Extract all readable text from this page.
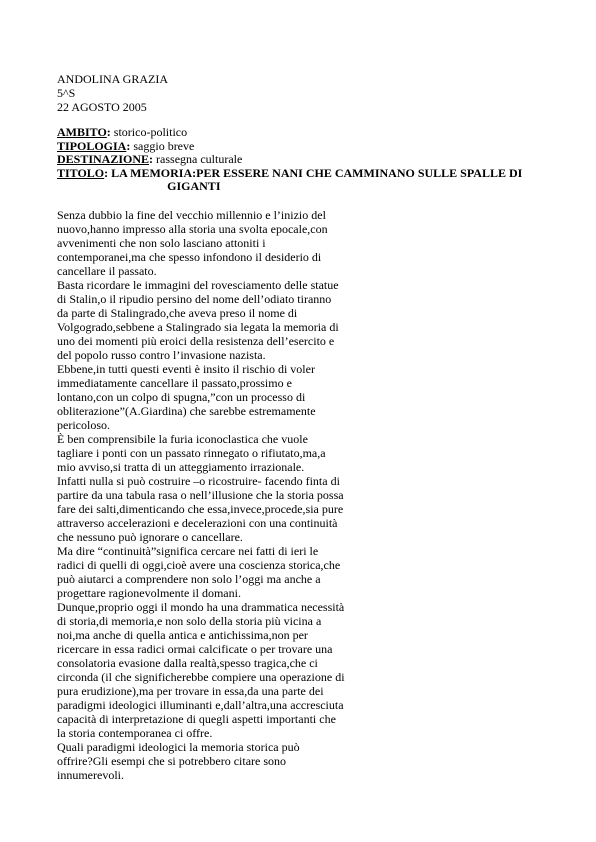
ANDOLINA GRAZIA
5^S
22 AGOSTO 2005
AMBITO: storico-politico
TIPOLOGIA: saggio breve
DESTINAZIONE: rassegna culturale
TITOLO :
LA MEMORIA:PER ESSERE NANI CHE CAMMINANO SULLE SPALLE DI
GIGANTI
Senza dubbio la fine del vecchio millennio e l’inizio del
nuovo,hanno impresso alla storia una svolta epocale,con
avvenimenti che non solo lasciano attoniti i
contemporanei,ma che spesso infondono il desiderio di
cancellare il passato.
Basta ricordare le immagini del rovesciamento delle statue
di Stalin,o il ripudio persino del nome dell’odiato tiranno
da parte di Stalingrado,che aveva preso il nome di
Volgogrado,sebbene a Stalingrado sia legata la memoria di
uno dei momenti più eroici della resistenza dell’esercito e
del popolo russo contro l’invasione nazista.
Ebbene,in tutti questi eventi è insito il rischio di voler
immediatamente cancellare il passato,prossimo e
lontano,con un colpo di spugna,”con un processo di
obliterazione”(A.Giardina) che sarebbe estremamente
pericoloso.
È ben comprensibile la furia iconoclastica che vuole
tagliare i ponti con un passato rinnegato o rifiutato,ma,a
mio avviso,si tratta di un atteggiamento irrazionale.
Infatti nulla si può costruire –o ricostruire- facendo finta di
partire da una tabula rasa o nell’illusione che la storia possa
fare dei salti,dimenticando che essa,invece,procede,sia pure
attraverso accelerazioni e decelerazioni con una continuità
che nessuno può ignorare o cancellare.
Ma dire “continuità”significa cercare nei fatti di ieri le
radici di quelli di oggi,cioè avere una coscienza storica,che
può aiutarci a comprendere non solo l’oggi ma anche a
progettare ragionevolmente il domani.
Dunque,proprio oggi il mondo ha una drammatica necessità
di storia,di memoria,e non solo della storia più vicina a
noi,ma anche di quella antica e antichissima,non per
ricercare in essa radici ormai calcificate o per trovare una
consolatoria evasione dalla realtà,spesso tragica,che ci
circonda (il che significherebbe compiere una operazione di
pura erudizione),ma per trovare in essa,da una parte dei
paradigmi ideologici illuminanti e,dall’altra,una accresciuta
capacità di interpretazione di quegli aspetti importanti che
la storia contemporanea ci offre.
Quali paradigmi ideologici la memoria storica può
offrire?Gli esempi che si potrebbero citare sono
innumerevoli.
